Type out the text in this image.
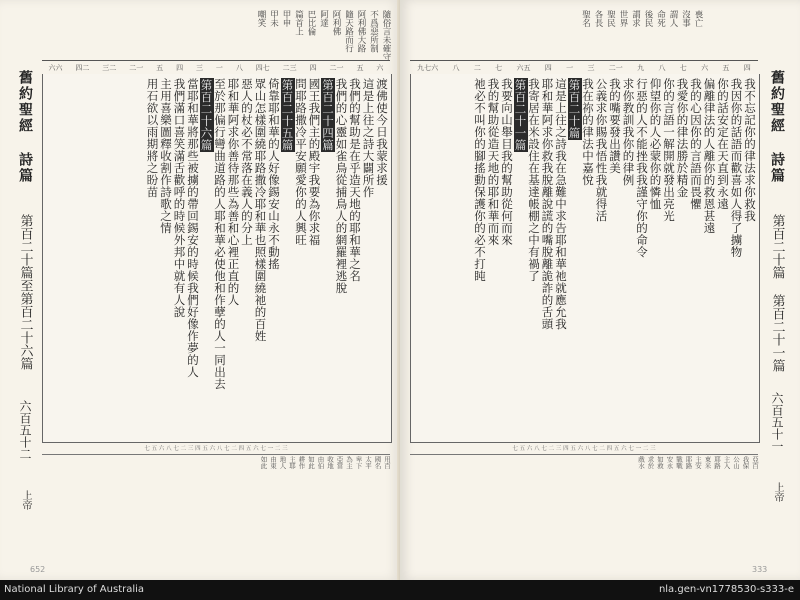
隨俗言未確守
不爲惡所制
阿利佛大路
隨天路而行
阿利佛
阿達
巴比倫
篇首上
甲申
甲未
嘲笑
舊約聖經 詩篇
第百二十篇至第百二十六篇
六百五十二
上帝
六六 四二 三二 二一 五 四 三 一 八 四七 二三 四 二一 五 六
渡佛使今日我蒙求援
這是上往之詩大闢所作
我們的幫助是在乎造天地的耶和華之名
我們的心靈如雀鳥從捕鳥人的網羅裡逃脫
第百二十四篇
國王我們主的殿宇我要為你求福
問耶路撒冷平安願愛你的人興旺
第百二十五篇
倚靠耶和華的人好像錫安山永不動搖
眾山怎樣圍繞耶路撒冷耶和華也照樣圍繞祂的百姓
惡人的杖必不常落在義人的分上
耶和華阿求你善待那些為善和心裡正直的人
至於那偏行彎曲道路的人耶和華必使他和作孽的人一同出去
第百二十六篇
當耶和華將那些被擄的帶回錫安的時候我們好像作夢的人
我們滿口喜笑滿舌歡呼的時候外邦中就有人說
主用喜樂圖釋收割作詩歌之情
用石欲以雨期將之盼苗
七 五 六 八 七 二 三 四 五 六 八 七 二 四 五 六 七 一 二 三
用百
國名
太平
卑下
為主
亞當
收地
由伯
如此
耕作
主耶
地人
由東
如此
652
喪亡
沒事
謂人
命死
後民
謂求
世界
聖民
各長
聖名
舊約聖經 詩篇
第百二十篇 第百二十一篇
六百五十一
上帝
九七六 八 二 七 六五 四 一 三 二一 九 八 七 六 五 四
我不忘記你的律法求你救我
我因你的話語而歡喜如人得了擄物
你的話安定在天直到永遠
偏離律法的人離你的救恩甚遠
我的心因你的言語而畏懼
我愛你的律法勝於精金
你的言語一解開就發出亮光
仰望你的人必蒙你的憐恤
行惡的人不能挫我我謹守你的命令
求你教訓我你的律例
我的嘴要發出讚美
公義求你賜我悟性我就得活
我在祢的律法中嘉悅
第百二十篇
這是上往之詩我在急難中求告耶和華祂就應允我
耶和華阿求你救我脫離說謊的嘴脫離詭詐的舌頭
我寄居在米設住在基達帳棚之中有禍了
第百二十一篇
我要向山舉目我的幫助從何而來
我的幫助從造天地的耶和華而來
祂必不叫你的腳搖動保護你的必不打盹
七 五 六 八 七 二 三 四 五 六 八 七 二 四 五 六 七 一 二 三
亞百
我保
公山
主入
耶路
東米
主安
耶路
戰戰
安永
如救
求於
戲水
333
National Library of Australia	nla.gen-vn1778530-s333-e
